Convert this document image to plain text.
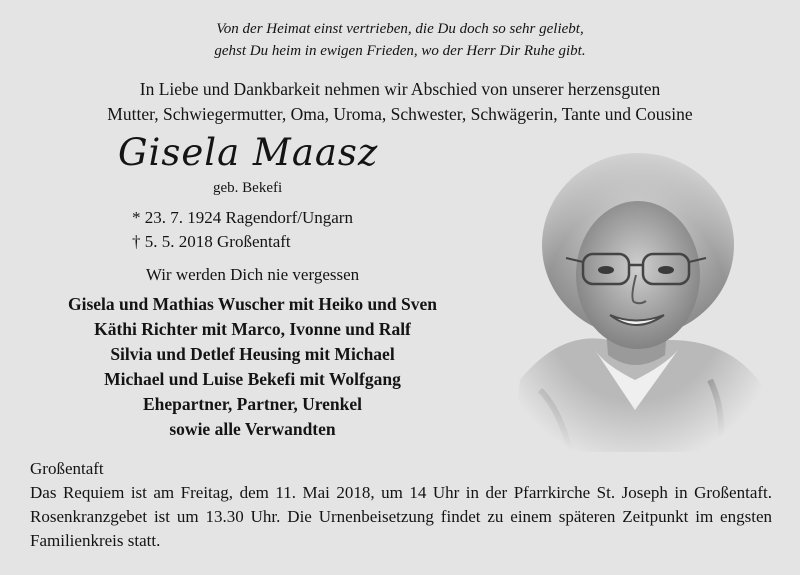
Von der Heimat einst vertrieben, die Du doch so sehr geliebt,
gehst Du heim in ewigen Frieden, wo der Herr Dir Ruhe gibt.
In Liebe und Dankbarkeit nehmen wir Abschied von unserer herzensguten
Mutter, Schwiegermutter, Oma, Uroma, Schwester, Schwägerin, Tante und Cousine
Gisela Maasz
geb. Bekefi
* 23. 7. 1924 Ragendorf/Ungarn
† 5. 5. 2018 Großentaft
Wir werden Dich nie vergessen
Gisela und Mathias Wuscher mit Heiko und Sven
Käthi Richter mit Marco, Ivonne und Ralf
Silvia und Detlef Heusing mit Michael
Michael und Luise Bekefi mit Wolfgang
Ehepartner, Partner, Urenkel
sowie alle Verwandten
Großentaft
Das Requiem ist am Freitag, dem 11. Mai 2018, um 14 Uhr in der Pfarrkirche St. Joseph in Großentaft. Rosenkranzgebet ist um 13.30 Uhr. Die Urnenbeisetzung findet zu einem späteren Zeitpunkt im engsten Familienkreis statt.
